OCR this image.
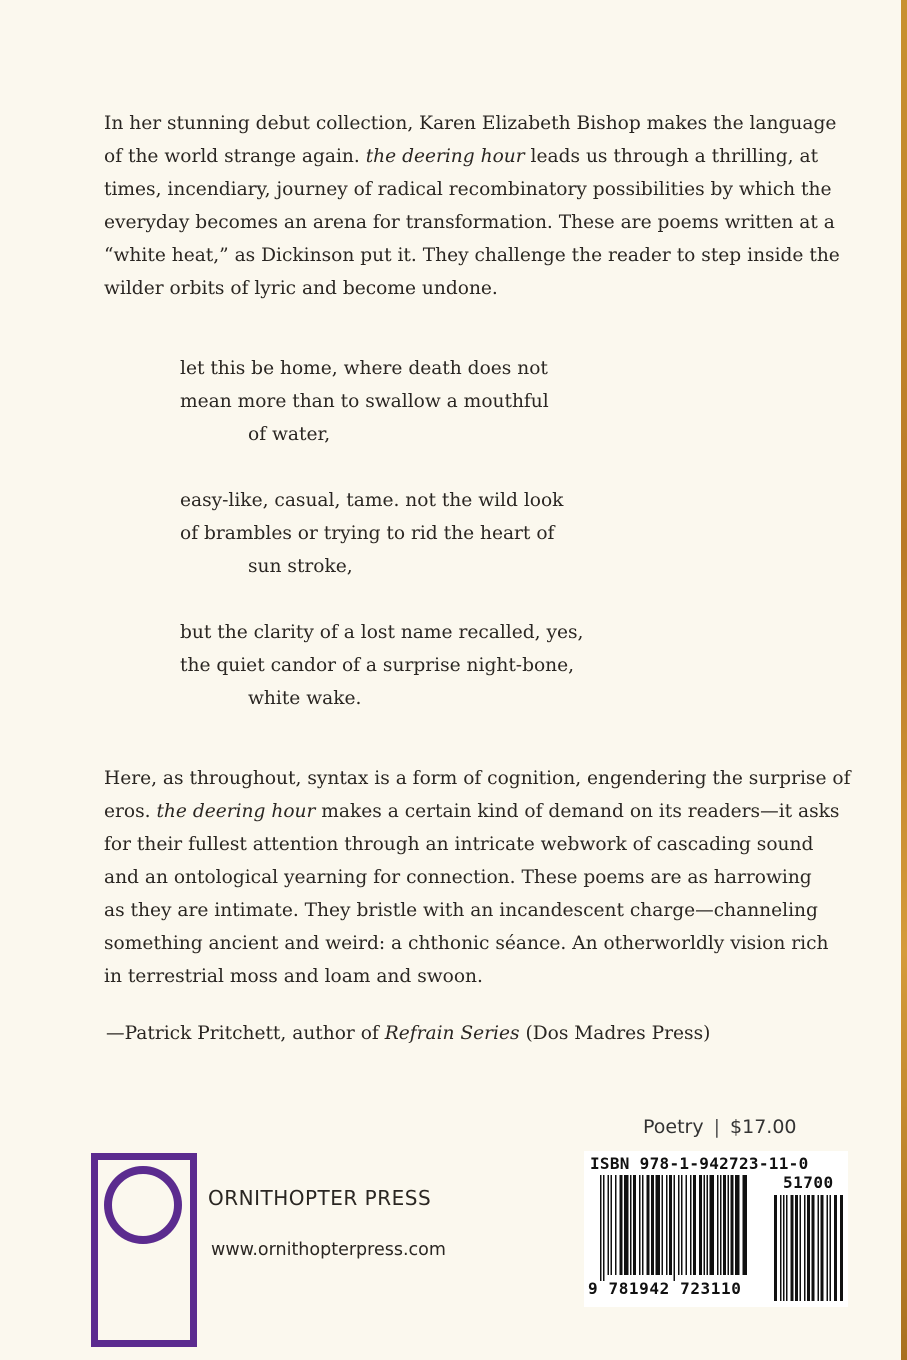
In her stunning debut collection, Karen Elizabeth Bishop makes the language
of the world strange again. the deering hour leads us through a thrilling, at
times, incendiary, journey of radical recombinatory possibilities by which the
everyday becomes an arena for transformation. These are poems written at a
“white heat,” as Dickinson put it. They challenge the reader to step inside the
wilder orbits of lyric and become undone.
let this be home, where death does not
mean more than to swallow a mouthful
of water,
easy-like, casual, tame. not the wild look
of brambles or trying to rid the heart of
sun stroke,
but the clarity of a lost name recalled, yes,
the quiet candor of a surprise night-bone,
white wake.
Here, as throughout, syntax is a form of cognition, engendering the surprise of
eros. the deering hour makes a certain kind of demand on its readers—it asks
for their fullest attention through an intricate webwork of cascading sound
and an ontological yearning for connection. These poems are as harrowing
as they are intimate. They bristle with an incandescent charge—channeling
something ancient and weird: a chthonic séance. An otherworldly vision rich
in terrestrial moss and loam and swoon.
—Patrick Pritchett, author of Refrain Series (Dos Madres Press)
Poetry | $17.00
ORNITHOPTER PRESS
www.ornithopterpress.com
ISBN 978-1-942723-11-0
51700
9 781942 723110
